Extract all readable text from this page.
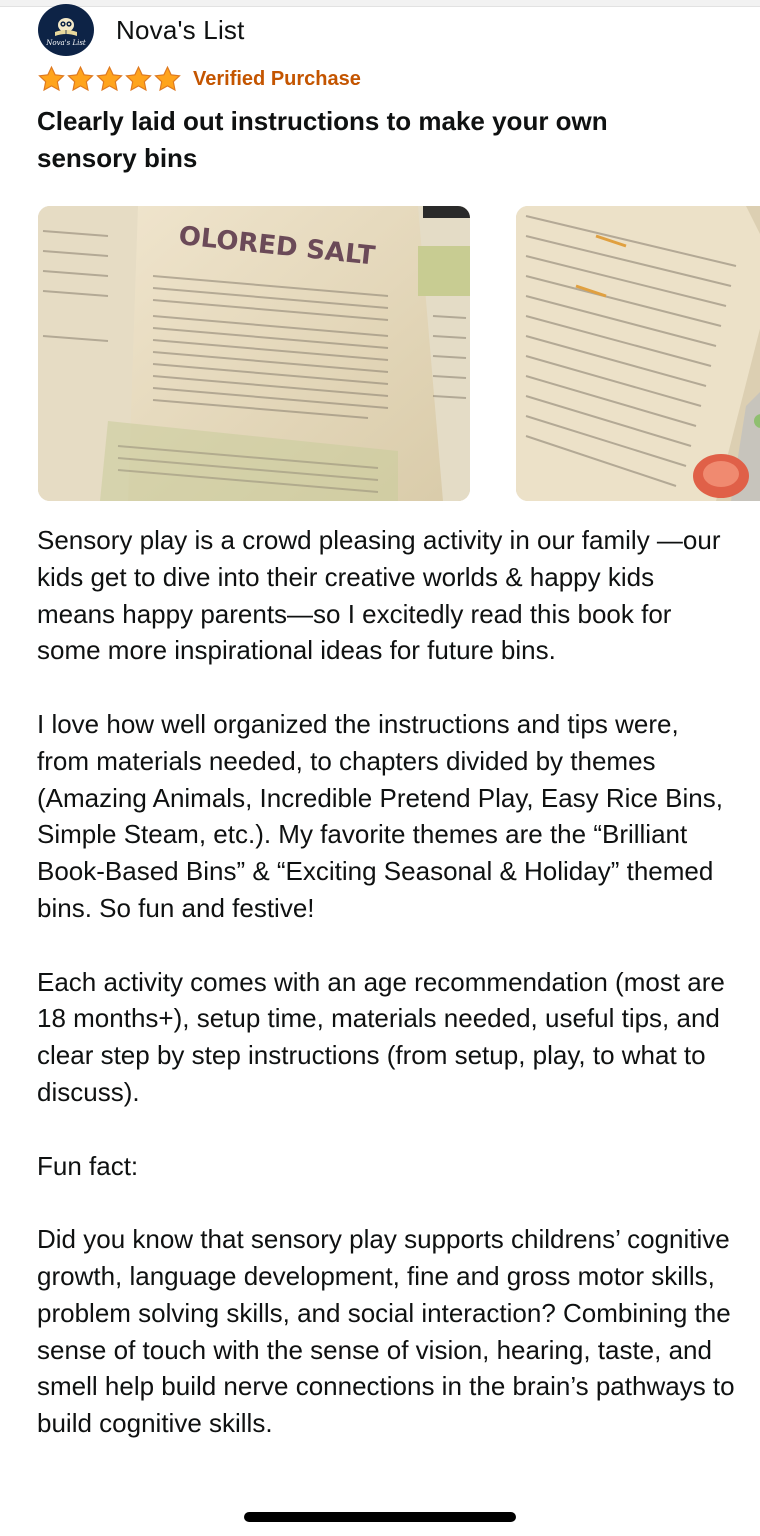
Nova's List Nova's List
Verified Purchase
Clearly laid out instructions to make your own sensory bins
OLORED SALT

Sensory play is a crowd pleasing activity in our family —our kids get to dive into their creative worlds & happy kids means happy parents—so I excitedly read this book for some more inspirational ideas for future bins.

I love how well organized the instructions and tips were, from materials needed, to chapters divided by themes (Amazing Animals, Incredible Pretend Play, Easy Rice Bins, Simple Steam, etc.). My favorite themes are the “Brilliant Book-Based Bins” & “Exciting Seasonal & Holiday” themed bins. So fun and festive!

Each activity comes with an age recommendation (most are 18 months+), setup time, materials needed, useful tips, and clear step by step instructions (from setup, play, to what to discuss).

Fun fact:

Did you know that sensory play supports childrens’ cognitive growth, language development, fine and gross motor skills, problem solving skills, and social interaction? Combining the sense of touch with the sense of vision, hearing, taste, and smell help build nerve connections in the brain’s pathways to build cognitive skills.
